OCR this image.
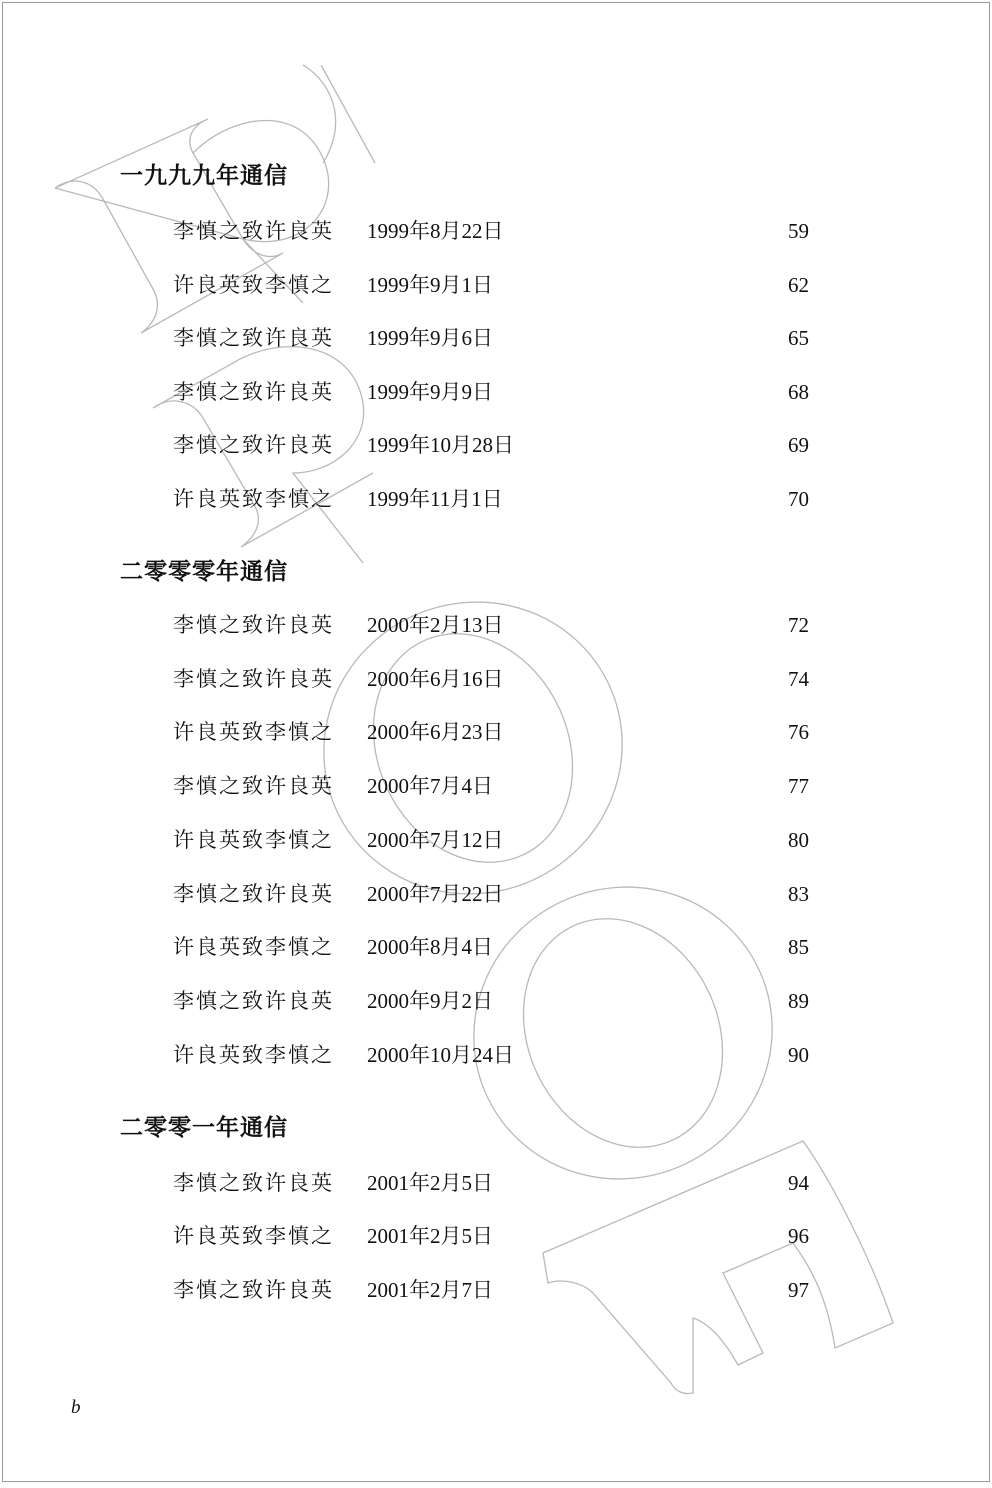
一九九九年通信
李慎之致许良英 1999年8月22日	59
许良英致李慎之 1999年9月1日	62
李慎之致许良英 1999年9月6日	65
李慎之致许良英 1999年9月9日	68
李慎之致许良英 1999年10月28日	69
许良英致李慎之 1999年11月1日	70
二零零零年通信
李慎之致许良英 2000年2月13日	72
李慎之致许良英 2000年6月16日	74
许良英致李慎之 2000年6月23日	76
李慎之致许良英 2000年7月4日	77
许良英致李慎之 2000年7月12日	80
李慎之致许良英 2000年7月22日	83
许良英致李慎之 2000年8月4日	85
李慎之致许良英 2000年9月2日	89
许良英致李慎之 2000年10月24日	90
二零零一年通信
李慎之致许良英 2001年2月5日	94
许良英致李慎之 2001年2月5日	96
李慎之致许良英 2001年2月7日	97
b
